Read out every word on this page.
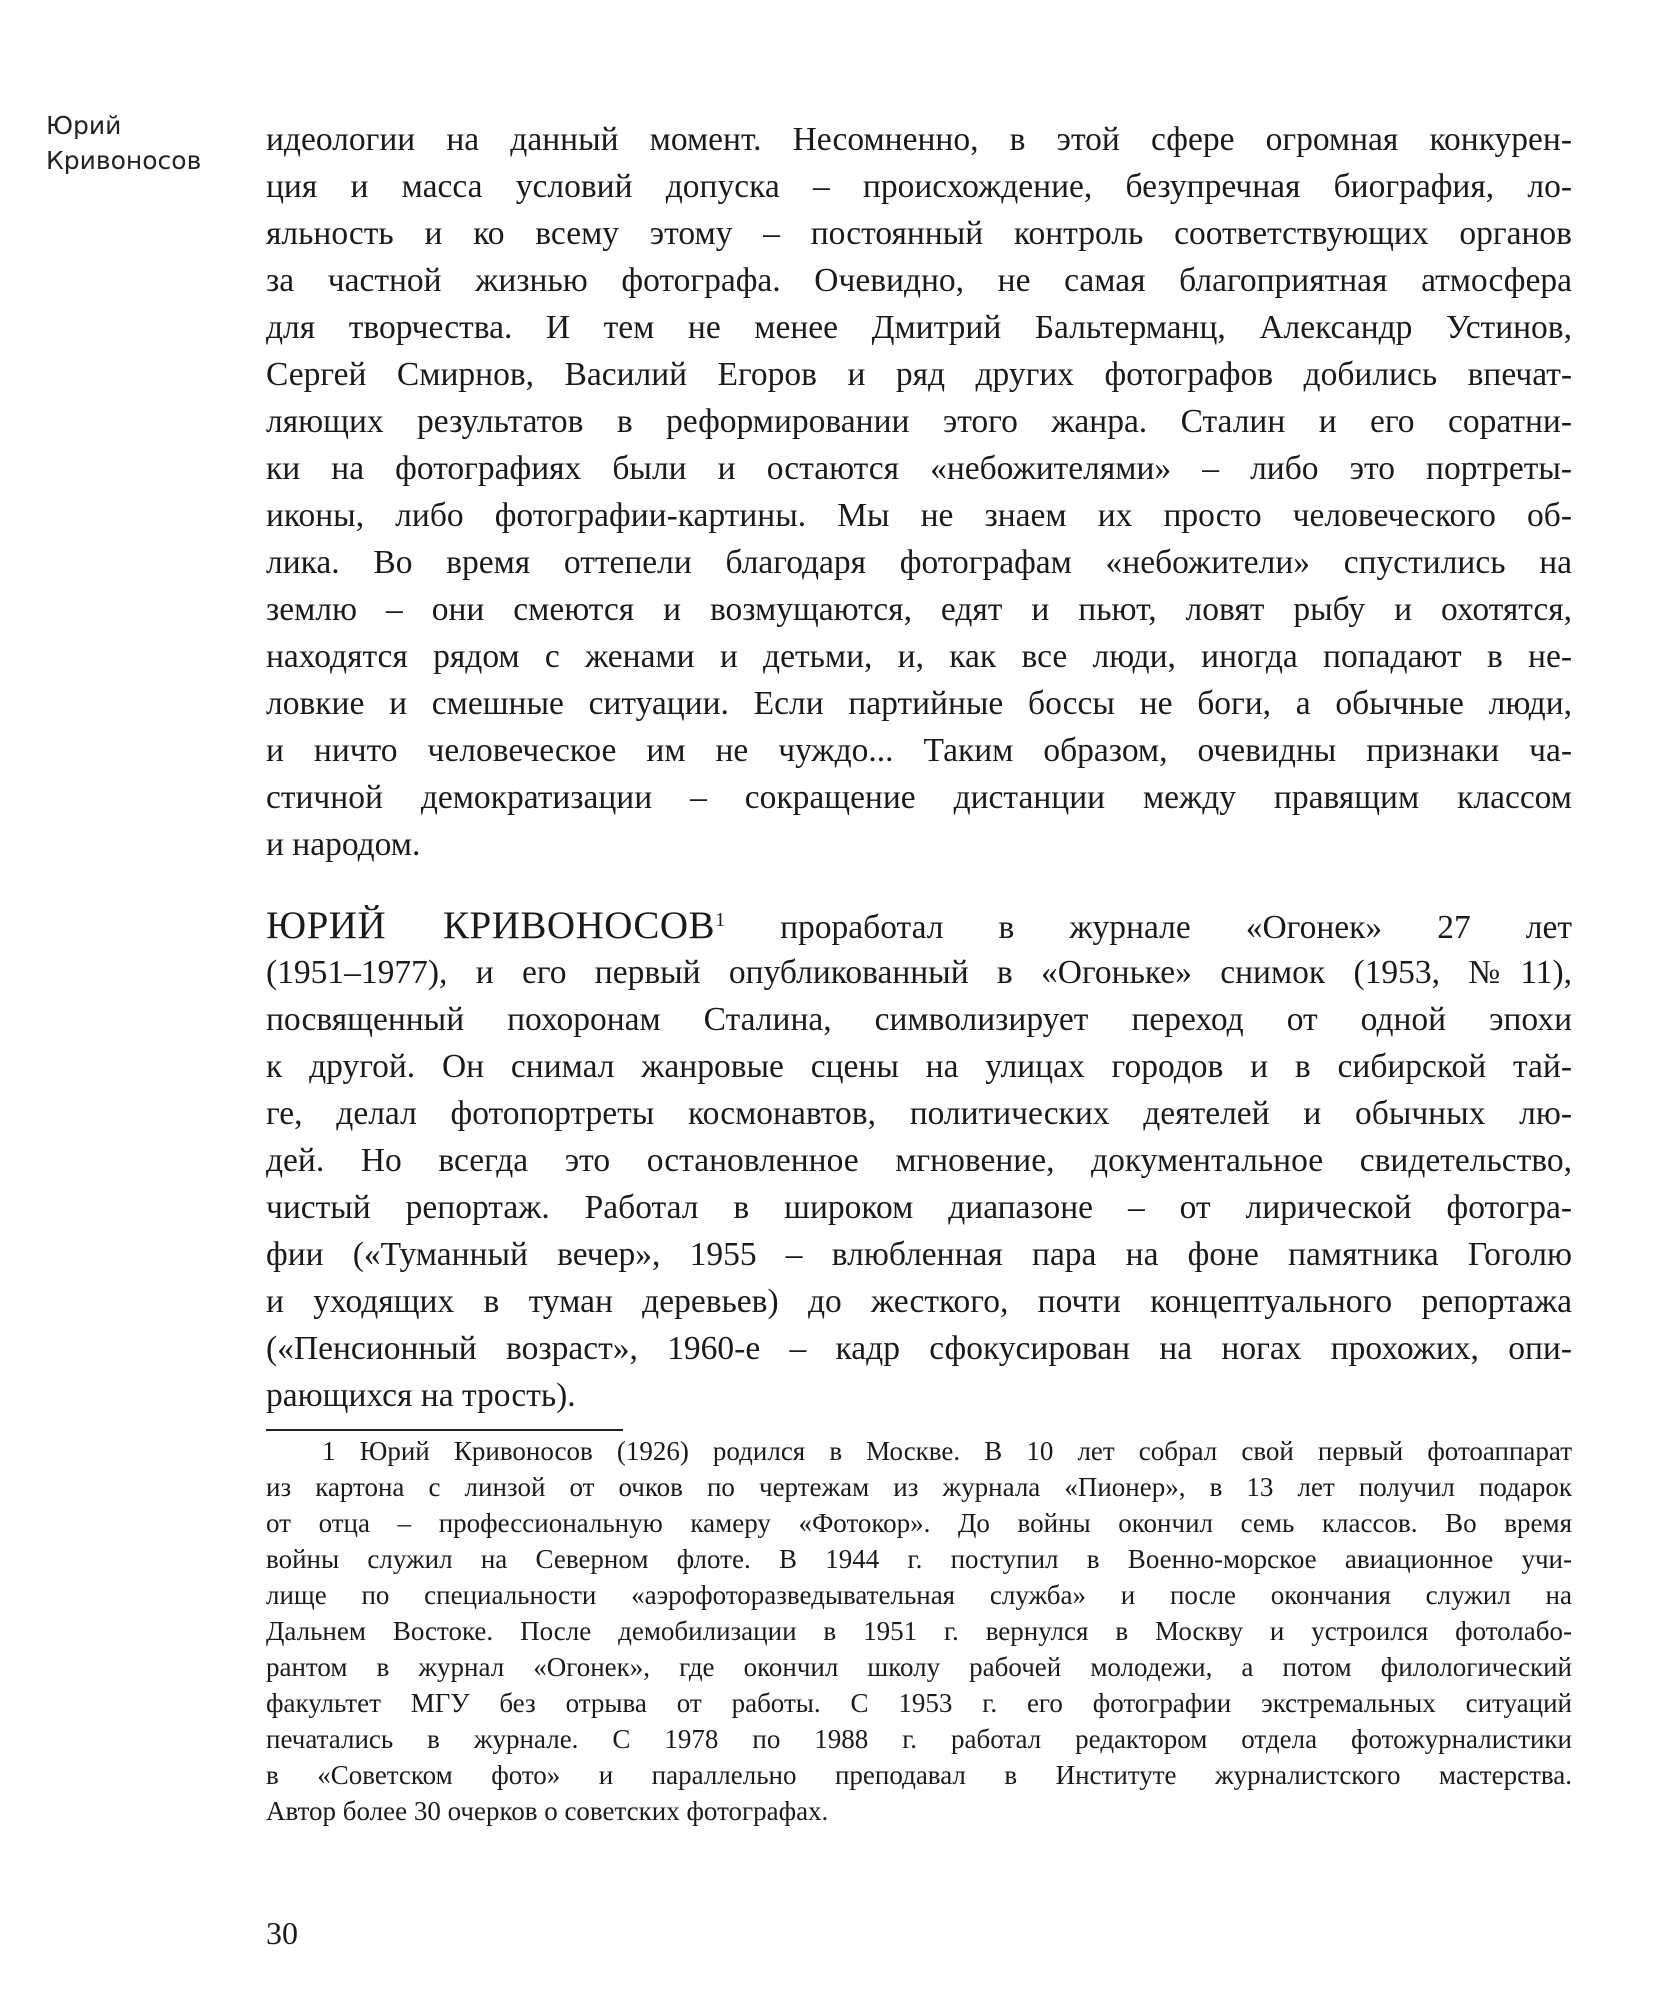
Юрий
Кривоносов
идеологии на данный момент. Несомненно, в этой сфере огромная конкурен-
ция и масса условий допуска – происхождение, безупречная биография, ло-
яльность и ко всему этому – постоянный контроль соответствующих органов
за частной жизнью фотографа. Очевидно, не самая благоприятная атмосфера
для творчества. И тем не менее Дмитрий Бальтерманц, Александр Устинов,
Сергей Смирнов, Василий Егоров и ряд других фотографов добились впечат-
ляющих результатов в реформировании этого жанра. Сталин и его соратни-
ки на фотографиях были и остаются «небожителями» – либо это портреты-
иконы, либо фотографии-картины. Мы не знаем их просто человеческого об-
лика. Во время оттепели благодаря фотографам «небожители» спустились на
землю – они смеются и возмущаются, едят и пьют, ловят рыбу и охотятся,
находятся рядом с женами и детьми, и, как все люди, иногда попадают в не-
ловкие и смешные ситуации. Если партийные боссы не боги, а обычные люди,
и ничто человеческое им не чуждо... Таким образом, очевидны признаки ча-
стичной демократизации – сокращение дистанции между правящим классом
и народом.
ЮРИЙ КРИВОНОСОВ$^1$ проработал в журнале «Огонек» 27 лет
(1951–1977), и его первый опубликованный в «Огоньке» снимок (1953, №11),
посвященный похоронам Сталина, символизирует переход от одной эпохи
к другой. Он снимал жанровые сцены на улицах городов и в сибирской тай-
ге, делал фотопортреты космонавтов, политических деятелей и обычных лю-
дей. Но всегда это остановленное мгновение, документальное свидетельство,
чистый репортаж. Работал в широком диапазоне – от лирической фотогра-
фии («Туманный вечер», 1955 – влюбленная пара на фоне памятника Гоголю
и уходящих в туман деревьев) до жесткого, почти концептуального репортажа
(«Пенсионный возраст», 1960-е – кадр сфокусирован на ногах прохожих, опи-
рающихся на трость).
1 Юрий Кривоносов (1926) родился в Москве. В 10 лет собрал свой первый фотоаппарат
из картона с линзой от очков по чертежам из журнала «Пионер», в 13 лет получил подарок
от отца – профессиональную камеру «Фотокор». До войны окончил семь классов. Во время
войны служил на Северном флоте. В 1944 г. поступил в Военно-морское авиационное учи-
лище по специальности «аэрофоторазведывательная служба» и после окончания служил на
Дальнем Востоке. После демобилизации в 1951 г. вернулся в Москву и устроился фотолабо-
рантом в журнал «Огонек», где окончил школу рабочей молодежи, а потом филологический
факультет МГУ без отрыва от работы. С 1953 г. его фотографии экстремальных ситуаций
печатались в журнале. С 1978 по 1988 г. работал редактором отдела фотожурналистики
в «Советском фото» и параллельно преподавал в Институте журналистского мастерства.
Автор более 30 очерков о советских фотографах.
30
